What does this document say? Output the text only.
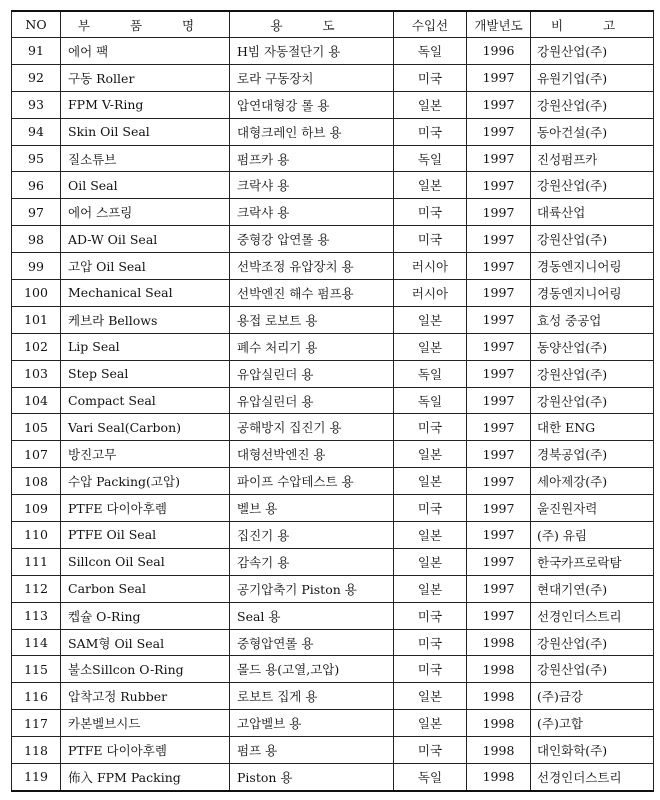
NO	부 품 명	용 도	수입선	개발년도	비 고
91	에어 팩	H빔 자동절단기 용	독일	1996	강원산업(주)
92	구동 Roller	로라 구동장치	미국	1997	유원기업(주)
93	FPM V-Ring	압연대형강 롤 용	일본	1997	강원산업(주)
94	Skin Oil Seal	대형크레인 하브 용	미국	1997	동아건설(주)
95	질소튜브	펌프카 용	독일	1997	진성펌프카
96	Oil Seal	크락샤 용	일본	1997	강원산업(주)
97	에어 스프링	크락샤 용	미국	1997	대륙산업
98	AD-W Oil Seal	중형강 압연롤 용	미국	1997	강원산업(주)
99	고압 Oil Seal	선박조정 유압장치 용	러시아	1997	경동엔지니어링
100	Mechanical Seal	선박엔진 해수 펌프용	러시아	1997	경동엔지니어링
101	케브라 Bellows	용접 로보트 용	일본	1997	효성 중공업
102	Lip Seal	폐수 처리기 용	일본	1997	동양산업(주)
103	Step Seal	유압실린더 용	독일	1997	강원산업(주)
104	Compact Seal	유압실린더 용	독일	1997	강원산업(주)
105	Vari Seal(Carbon)	공해방지 집진기 용	미국	1997	대한 ENG
107	방진고무	대형선박엔진 용	일본	1997	경북공업(주)
108	수압 Packing(고압)	파이프 수압테스트 용	일본	1997	세아제강(주)
109	PTFE 다이아후렘	벨브 용	미국	1997	울진원자력
110	PTFE Oil Seal	집진기 용	일본	1997	(주) 유림
111	Sillcon Oil Seal	감속기 용	일본	1997	한국카프로락탐
112	Carbon Seal	공기압축기 Piston 용	일본	1997	현대기연(주)
113	켑슐 O-Ring	Seal 용	미국	1997	선경인더스트리
114	SAM형 Oil Seal	중형압연롤 용	미국	1998	강원산업(주)
115	불소Sillcon O-Ring	몰드 용(고열,고압)	미국	1998	강원산업(주)
116	압착고정 Rubber	로보트 집게 용	일본	1998	(주)금강
117	카본벨브시드	고압벨브 용	일본	1998	(주)고합
118	PTFE 다이아후렘	펌프 용	미국	1998	대인화학(주)
119	佈入 FPM Packing	Piston 용	독일	1998	선경인더스트리
